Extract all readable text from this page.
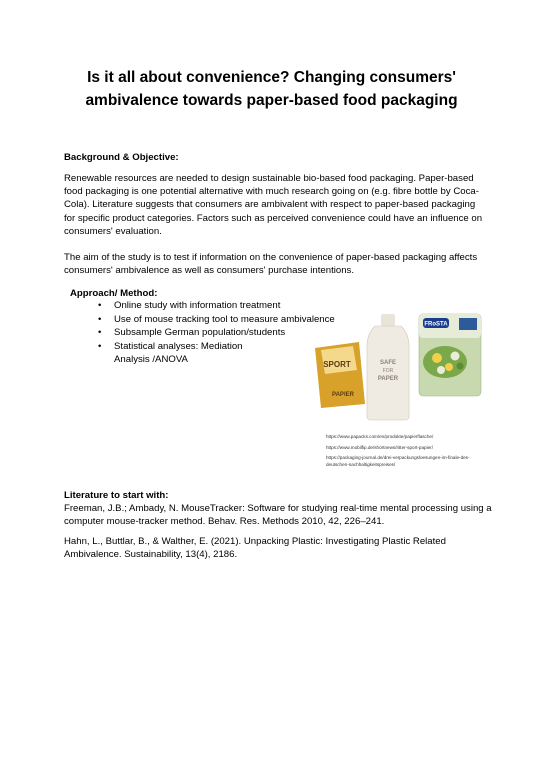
Is it all about convenience? Changing consumers'
ambivalence towards paper-based food packaging

Background & Objective:

Renewable resources are needed to design sustainable bio-based food packaging. Paper-based food packaging is one potential alternative with much research going on (e.g. fibre bottle by Coca-Cola). Literature suggests that consumers are ambivalent with respect to paper-based packaging for specific product categories. Factors such as perceived convenience could have an influence on consumers' evaluation.

The aim of the study is to test if information on the convenience of paper-based packaging affects consumers' ambivalence as well as consumers' purchase intentions.

Approach/ Method:

• Online study with information treatment
• Use of mouse tracking tool to measure ambivalence
• Subsample German population/students
• Statistical analyses: Mediation Analysis /ANOVA
FRoSTA
SPORT
PAPIER
SAFE
FOR
PAPER

https://www.papacks.com/en/produkte/papierflasche/

https://www.mobilfip.de/shortnews/ritter-sport-papier/

https://packaging-journal.de/drei-verpackungsloesungen-im-finale-des-deutschen-nachhaltigkeitspreises/

Literature to start with:

Freeman, J.B.; Ambady, N. MouseTracker: Software for studying real-time mental processing using a computer mouse-tracker method. Behav. Res. Methods 2010, 42, 226–241.

Hahn, L., Buttlar, B., & Walther, E. (2021). Unpacking Plastic: Investigating Plastic Related Ambivalence. Sustainability, 13(4), 2186.
